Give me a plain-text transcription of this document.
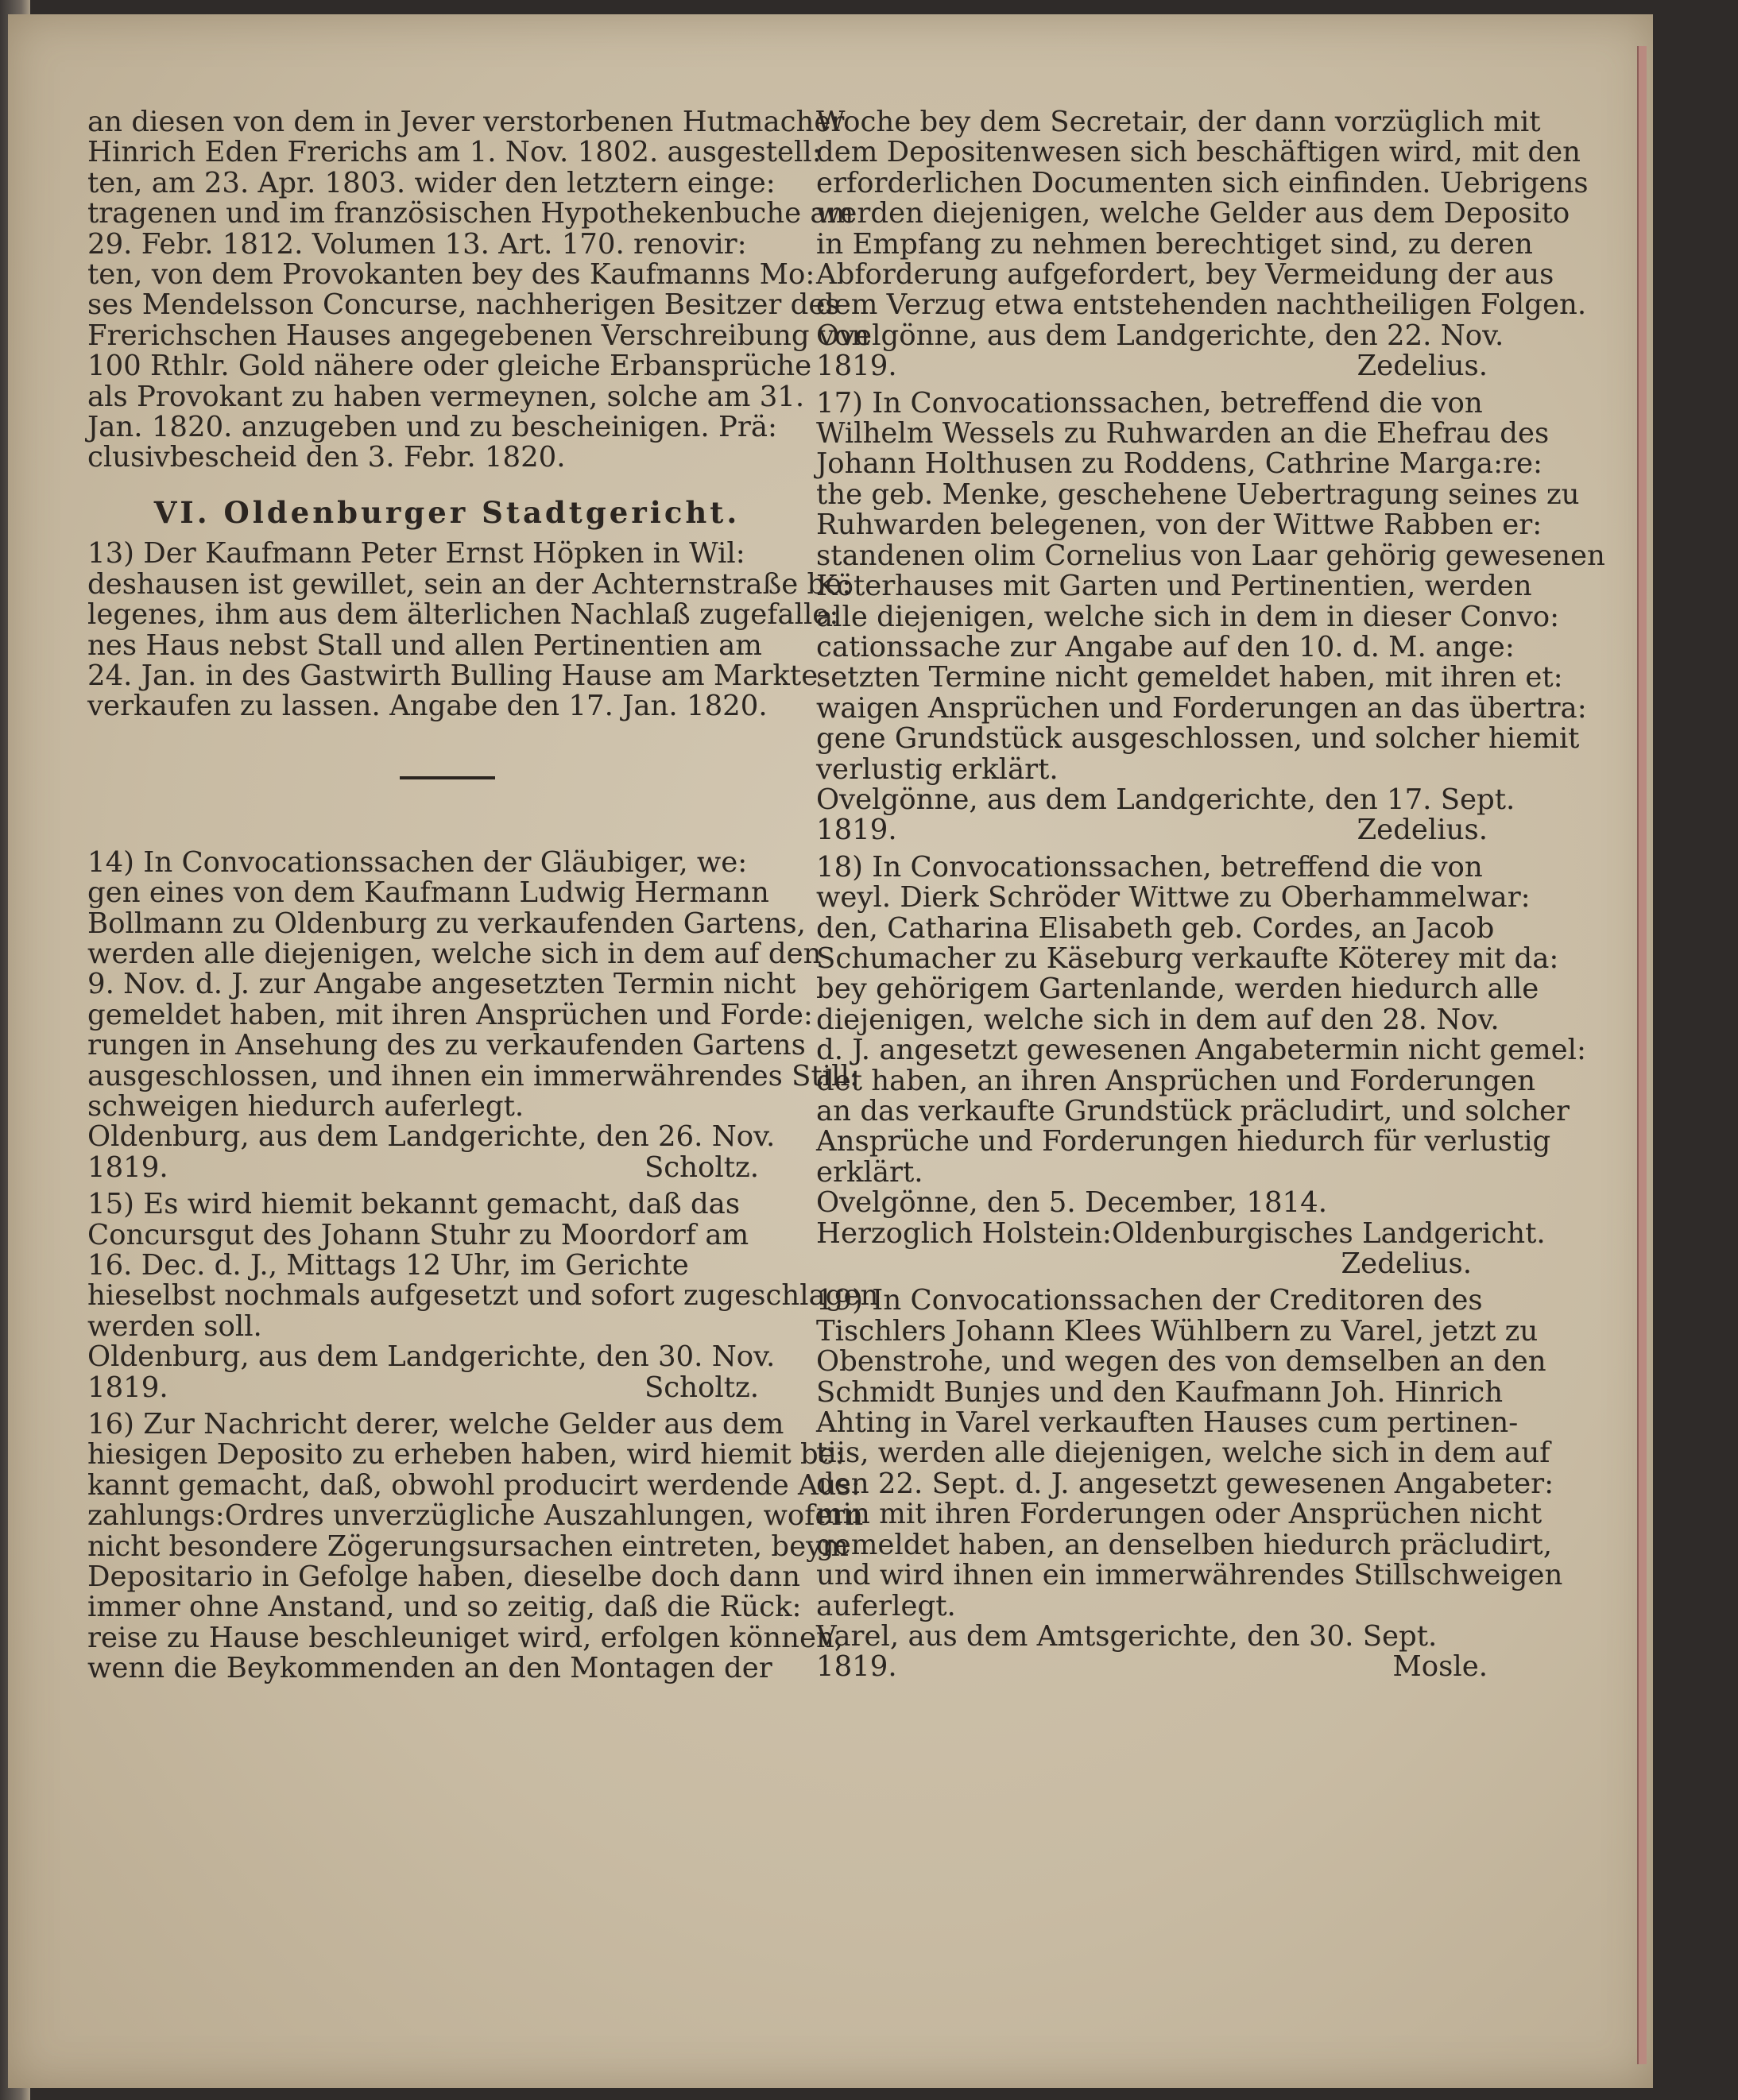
an diesen von dem in Jever verstorbenen Hutmacher
Hinrich Eden Frerichs am 1. Nov. 1802. ausgestell:
ten, am 23. Apr. 1803. wider den letztern einge:
tragenen und im französischen Hypothekenbuche am
29. Febr. 1812. Volumen 13. Art. 170. renovir:
ten, von dem Provokanten bey des Kaufmanns Mo:
ses Mendelsson Concurse, nachherigen Besitzer des
Frerichschen Hauses angegebenen Verschreibung von
100 Rthlr. Gold nähere oder gleiche Erbansprüche
als Provokant zu haben vermeynen, solche am 31.
Jan. 1820. anzugeben und zu bescheinigen. Prä:
clusivbescheid den 3. Febr. 1820.
VI. Oldenburger Stadtgericht.
13) Der Kaufmann Peter Ernst Höpken in Wil:
deshausen ist gewillet, sein an der Achternstraße be:
legenes, ihm aus dem älterlichen Nachlaß zugefalle:
nes Haus nebst Stall und allen Pertinentien am
24. Jan. in des Gastwirth Bulling Hause am Markte
verkaufen zu lassen. Angabe den 17. Jan. 1820.
14) In Convocationssachen der Gläubiger, we:
gen eines von dem Kaufmann Ludwig Hermann
Bollmann zu Oldenburg zu verkaufenden Gartens,
werden alle diejenigen, welche sich in dem auf den
9. Nov. d. J. zur Angabe angesetzten Termin nicht
gemeldet haben, mit ihren Ansprüchen und Forde:
rungen in Ansehung des zu verkaufenden Gartens
ausgeschlossen, und ihnen ein immerwährendes Still:
schweigen hiedurch auferlegt.
Oldenburg, aus dem Landgerichte, den 26. Nov.
1819.	Scholtz.
15) Es wird hiemit bekannt gemacht, daß das
Concursgut des Johann Stuhr zu Moordorf am
16. Dec. d. J., Mittags 12 Uhr, im Gerichte
hieselbst nochmals aufgesetzt und sofort zugeschlagen
werden soll.
Oldenburg, aus dem Landgerichte, den 30. Nov.
1819.	Scholtz.
16) Zur Nachricht derer, welche Gelder aus dem
hiesigen Deposito zu erheben haben, wird hiemit be:
kannt gemacht, daß, obwohl producirt werdende Aus:
zahlungs:Ordres unverzügliche Auszahlungen, wofern
nicht besondere Zögerungsursachen eintreten, beym
Depositario in Gefolge haben, dieselbe doch dann
immer ohne Anstand, und so zeitig, daß die Rück:
reise zu Hause beschleuniget wird, erfolgen können,
wenn die Beykommenden an den Montagen der
Woche bey dem Secretair, der dann vorzüglich mit
dem Depositenwesen sich beschäftigen wird, mit den
erforderlichen Documenten sich einfinden. Uebrigens
werden diejenigen, welche Gelder aus dem Deposito
in Empfang zu nehmen berechtiget sind, zu deren
Abforderung aufgefordert, bey Vermeidung der aus
dem Verzug etwa entstehenden nachtheiligen Folgen.
Ovelgönne, aus dem Landgerichte, den 22. Nov.
1819.	Zedelius.
17) In Convocationssachen, betreffend die von
Wilhelm Wessels zu Ruhwarden an die Ehefrau des
Johann Holthusen zu Roddens, Cathrine Marga:re:
the geb. Menke, geschehene Uebertragung seines zu
Ruhwarden belegenen, von der Wittwe Rabben er:
standenen olim Cornelius von Laar gehörig gewesenen
Köterhauses mit Garten und Pertinentien, werden
alle diejenigen, welche sich in dem in dieser Convo:
cationssache zur Angabe auf den 10. d. M. ange:
setzten Termine nicht gemeldet haben, mit ihren et:
waigen Ansprüchen und Forderungen an das übertra:
gene Grundstück ausgeschlossen, und solcher hiemit
verlustig erklärt.
Ovelgönne, aus dem Landgerichte, den 17. Sept.
1819.	Zedelius.
18) In Convocationssachen, betreffend die von
weyl. Dierk Schröder Wittwe zu Oberhammelwar:
den, Catharina Elisabeth geb. Cordes, an Jacob
Schumacher zu Käseburg verkaufte Köterey mit da:
bey gehörigem Gartenlande, werden hiedurch alle
diejenigen, welche sich in dem auf den 28. Nov.
d. J. angesetzt gewesenen Angabetermin nicht gemel:
det haben, an ihren Ansprüchen und Forderungen
an das verkaufte Grundstück präcludirt, und solcher
Ansprüche und Forderungen hiedurch für verlustig
erklärt.
Ovelgönne, den 5. December, 1814.
Herzoglich Holstein:Oldenburgisches Landgericht.
Zedelius.
19) In Convocationssachen der Creditoren des
Tischlers Johann Klees Wühlbern zu Varel, jetzt zu
Obenstrohe, und wegen des von demselben an den
Schmidt Bunjes und den Kaufmann Joh. Hinrich
Ahting in Varel verkauften Hauses cum pertinen-
tiis, werden alle diejenigen, welche sich in dem auf
den 22. Sept. d. J. angesetzt gewesenen Angabeter:
min mit ihren Forderungen oder Ansprüchen nicht
gemeldet haben, an denselben hiedurch präcludirt,
und wird ihnen ein immerwährendes Stillschweigen
auferlegt.
Varel, aus dem Amtsgerichte, den 30. Sept.
1819.	Mosle.
